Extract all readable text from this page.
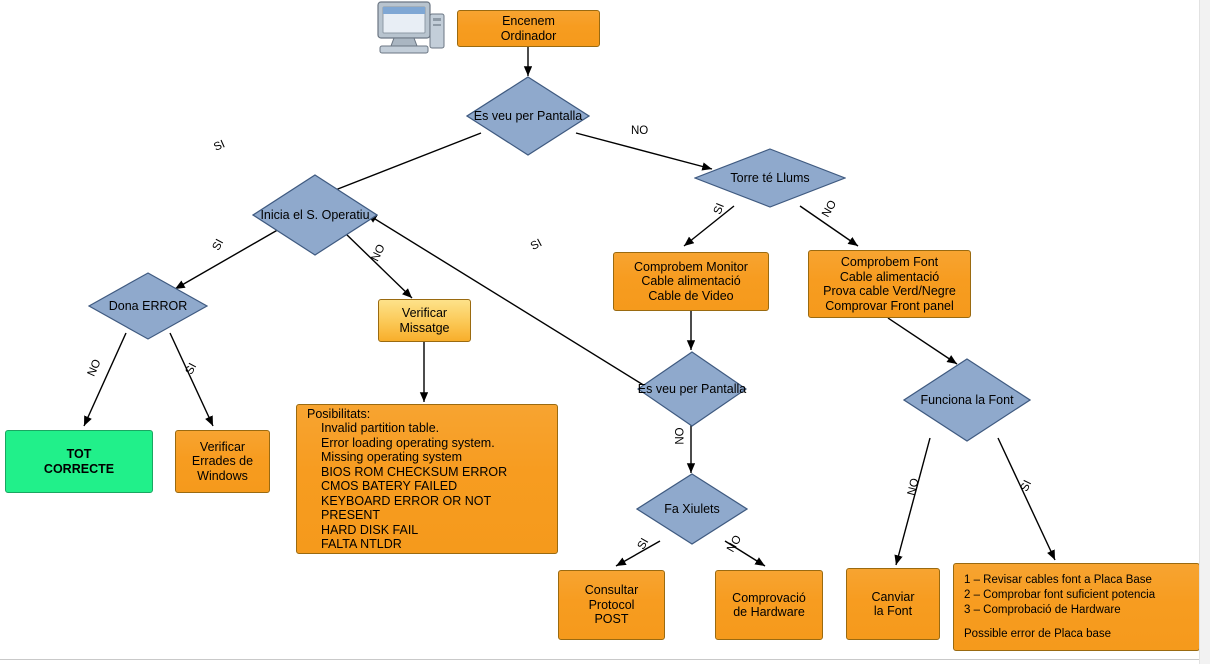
Encenem
Ordinador
Es veu per Pantalla
Torre té Llums
Inicia el S. Operatiu
Dona ERROR	Verificar
Missatge
TOT
CORRECTE
Verificar
Errades de
Windows
Posibilitats:
Invalid partition table.
Error loading operating system.
Missing operating system
BIOS ROM CHECKSUM ERROR
CMOS BATERY FAILED
KEYBOARD ERROR OR NOT PRESENT
HARD DISK FAIL
FALTA NTLDR
Comprobem Monitor
Cable alimentació
Cable de Video
Comprobem Font
Cable alimentació
Prova cable Verd/Negre
Comprovar Front panel
Es veu per Pantalla
Fa Xiulets
Funciona la Font
Consultar
Protocol
POST
Comprovació
de Hardware
Canviar
la Font
1 – Revisar cables font a Placa Base
2 – Comprobar font suficient potencia
3 – Comprobació de Hardware
Possible error de Placa base
SI
NO
SI	NO
SI	NO
NO	SI
SI
NO
SI	NO
NO	SI
